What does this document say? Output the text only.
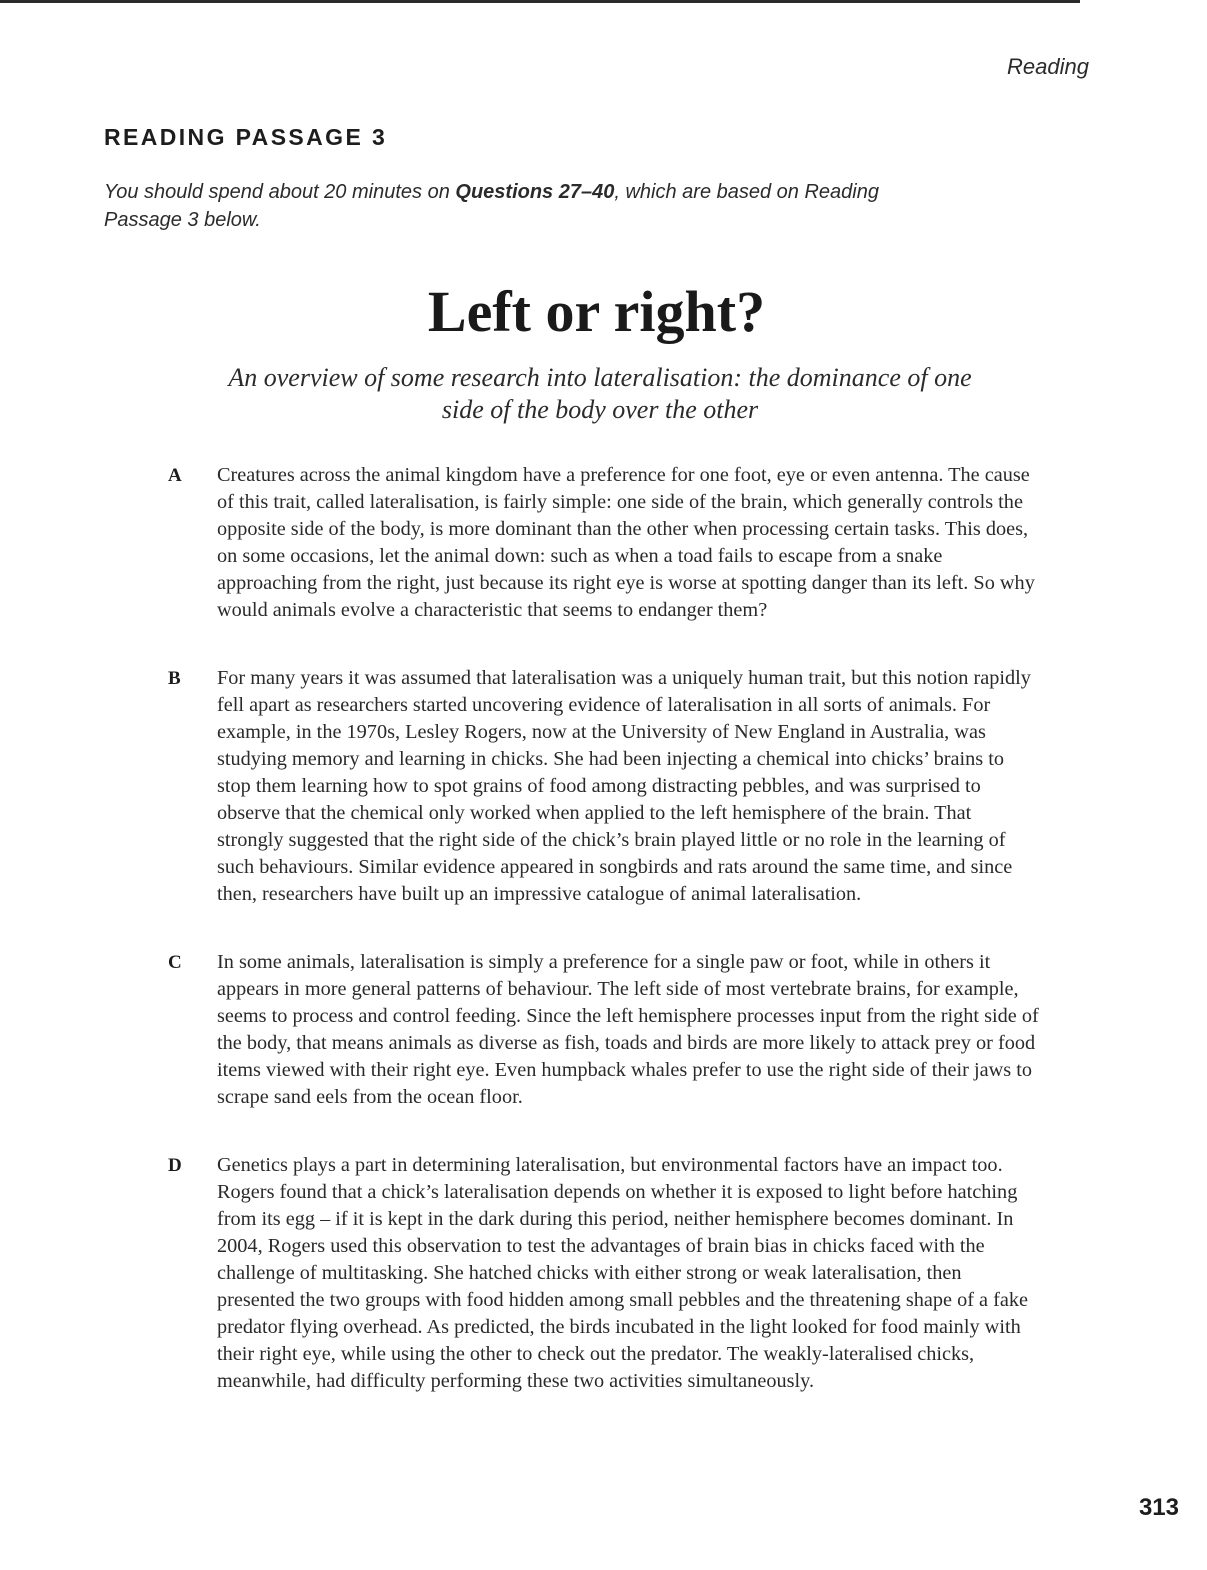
Reading
READING PASSAGE 3
You should spend about 20 minutes on Questions 27–40, which are based on Reading Passage 3 below.
Left or right?
An overview of some research into lateralisation: the dominance of one side of the body over the other
A Creatures across the animal kingdom have a preference for one foot, eye or even antenna. The cause of this trait, called lateralisation, is fairly simple: one side of the brain, which generally controls the opposite side of the body, is more dominant than the other when processing certain tasks. This does, on some occasions, let the animal down: such as when a toad fails to escape from a snake approaching from the right, just because its right eye is worse at spotting danger than its left. So why would animals evolve a characteristic that seems to endanger them?
B For many years it was assumed that lateralisation was a uniquely human trait, but this notion rapidly fell apart as researchers started uncovering evidence of lateralisation in all sorts of animals. For example, in the 1970s, Lesley Rogers, now at the University of New England in Australia, was studying memory and learning in chicks. She had been injecting a chemical into chicks’ brains to stop them learning how to spot grains of food among distracting pebbles, and was surprised to observe that the chemical only worked when applied to the left hemisphere of the brain. That strongly suggested that the right side of the chick’s brain played little or no role in the learning of such behaviours. Similar evidence appeared in songbirds and rats around the same time, and since then, researchers have built up an impressive catalogue of animal lateralisation.
C In some animals, lateralisation is simply a preference for a single paw or foot, while in others it appears in more general patterns of behaviour. The left side of most vertebrate brains, for example, seems to process and control feeding. Since the left hemisphere processes input from the right side of the body, that means animals as diverse as fish, toads and birds are more likely to attack prey or food items viewed with their right eye. Even humpback whales prefer to use the right side of their jaws to scrape sand eels from the ocean floor.
D Genetics plays a part in determining lateralisation, but environmental factors have an impact too. Rogers found that a chick’s lateralisation depends on whether it is exposed to light before hatching from its egg – if it is kept in the dark during this period, neither hemisphere becomes dominant. In 2004, Rogers used this observation to test the advantages of brain bias in chicks faced with the challenge of multitasking. She hatched chicks with either strong or weak lateralisation, then presented the two groups with food hidden among small pebbles and the threatening shape of a fake predator flying overhead. As predicted, the birds incubated in the light looked for food mainly with their right eye, while using the other to check out the predator. The weakly-lateralised chicks, meanwhile, had difficulty performing these two activities simultaneously.
313
